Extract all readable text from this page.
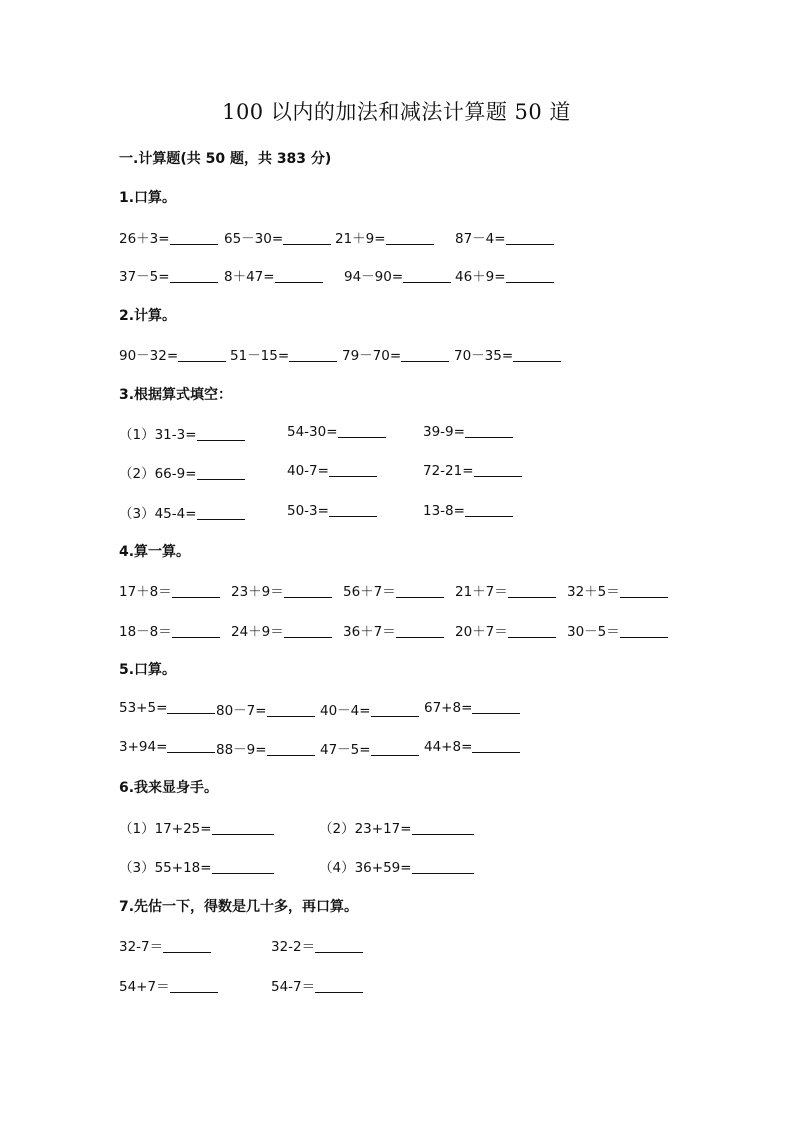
100 以内的加法和减法计算题 50 道
一.计算题(共 50 题，共 383 分)
1.口算。
26＋3=	65－30=	21＋9=	87－4=
37－5=	8＋47=	94－90=	46＋9=
2.计算。
90－32=	51－15=	79－70=	70－35=
3.根据算式填空：
（1）31-3=	54-30=	39-9=
（2）66-9=	40-7=	72-21=
（3）45-4=	50-3=	13-8=
4.算一算。
17＋8＝	23＋9＝	56＋7＝	21＋7＝	32＋5＝
18－8＝	24＋9＝	36＋7＝	20＋7＝	30－5＝
5.口算。
53+5=	80－7=	40－4=	67+8=
3+94=	88－9=	47－5=	44+8=
6.我来显身手。
（1）17+25=	（2）23+17=
（3）55+18=	（4）36+59=
7.先估一下，得数是几十多，再口算。
32-7＝	32-2＝
54+7＝	54-7＝
